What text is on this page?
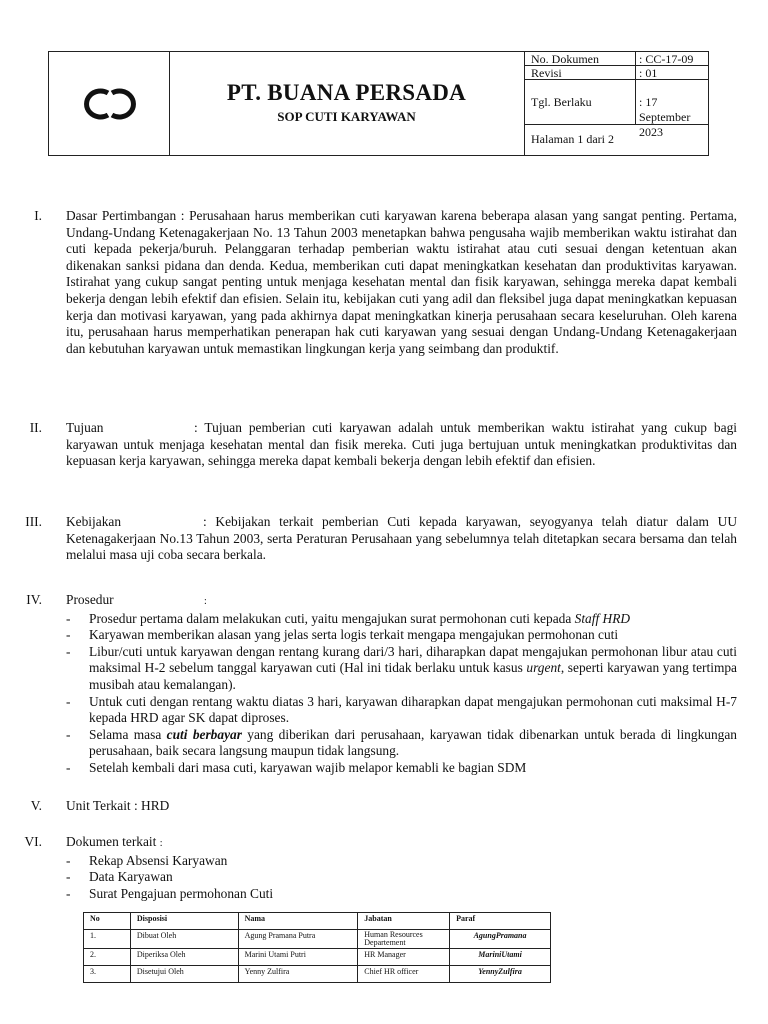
PT. BUANA PERSADA
SOP CUTI KARYAWAN
No. Dokumen	: CC-17-09
Revisi	: 01
Tgl. Berlaku	: 17 September 2023
Halaman 1 dari 2
I. Dasar Pertimbangan : Perusahaan harus memberikan cuti karyawan karena beberapa alasan yang sangat penting. Pertama, Undang-Undang Ketenagakerjaan No. 13 Tahun 2003 menetapkan bahwa pengusaha wajib memberikan waktu istirahat dan cuti kepada pekerja/buruh. Pelanggaran terhadap pemberian waktu istirahat atau cuti sesuai dengan ketentuan akan dikenakan sanksi pidana dan denda. Kedua, memberikan cuti dapat meningkatkan kesehatan dan produktivitas karyawan. Istirahat yang cukup sangat penting untuk menjaga kesehatan mental dan fisik karyawan, sehingga mereka dapat kembali bekerja dengan lebih efektif dan efisien. Selain itu, kebijakan cuti yang adil dan fleksibel juga dapat meningkatkan kepuasan kerja dan motivasi karyawan, yang pada akhirnya dapat meningkatkan kinerja perusahaan secara keseluruhan. Oleh karena itu, perusahaan harus memperhatikan penerapan hak cuti karyawan yang sesuai dengan Undang-Undang Ketenagakerjaan dan kebutuhan karyawan untuk memastikan lingkungan kerja yang seimbang dan produktif.
II. Tujuan	: Tujuan pemberian cuti karyawan adalah untuk memberikan waktu istirahat yang cukup bagi karyawan untuk menjaga kesehatan mental dan fisik mereka. Cuti juga bertujuan untuk meningkatkan produktivitas dan kepuasan kerja karyawan, sehingga mereka dapat kembali bekerja dengan lebih efektif dan efisien.
III. Kebijakan	: Kebijakan terkait pemberian Cuti kepada karyawan, seyogyanya telah diatur dalam UU Ketenagakerjaan No.13 Tahun 2003, serta Peraturan Perusahaan yang sebelumnya telah ditetapkan secara bersama dan telah melalui masa uji coba secara berkala.
IV. Prosedur	:
- Prosedur pertama dalam melakukan cuti, yaitu mengajukan surat permohonan cuti kepada Staff HRD
- Karyawan memberikan alasan yang jelas serta logis terkait mengapa mengajukan permohonan cuti
- Libur/cuti untuk karyawan dengan rentang kurang dari/3 hari, diharapkan dapat mengajukan permohonan libur atau cuti maksimal H-2 sebelum tanggal karyawan cuti (Hal ini tidak berlaku untuk kasus urgent, seperti karyawan yang tertimpa musibah atau kemalangan).
- Untuk cuti dengan rentang waktu diatas 3 hari, karyawan diharapkan dapat mengajukan permohonan cuti maksimal H-7 kepada HRD agar SK dapat diproses.
- Selama masa cuti berbayar yang diberikan dari perusahaan, karyawan tidak dibenarkan untuk berada di lingkungan perusahaan, baik secara langsung maupun tidak langsung.
- Setelah kembali dari masa cuti, karyawan wajib melapor kemabli ke bagian SDM
V. Unit Terkait : HRD
VI. Dokumen terkait :
- Rekap Absensi Karyawan
- Data Karyawan
- Surat Pengajuan permohonan Cuti
No	Disposisi	Nama	Jabatan	Paraf
1.	Dibuat Oleh	Agung Pramana Putra	Human Resources Departement	AgungPramana
2.	Diperiksa Oleh	Marini Utami Putri	HR Manager	MariniUtami
3.	Disetujui Oleh	Yenny Zulfira	Chief HR officer	YennyZulfira
